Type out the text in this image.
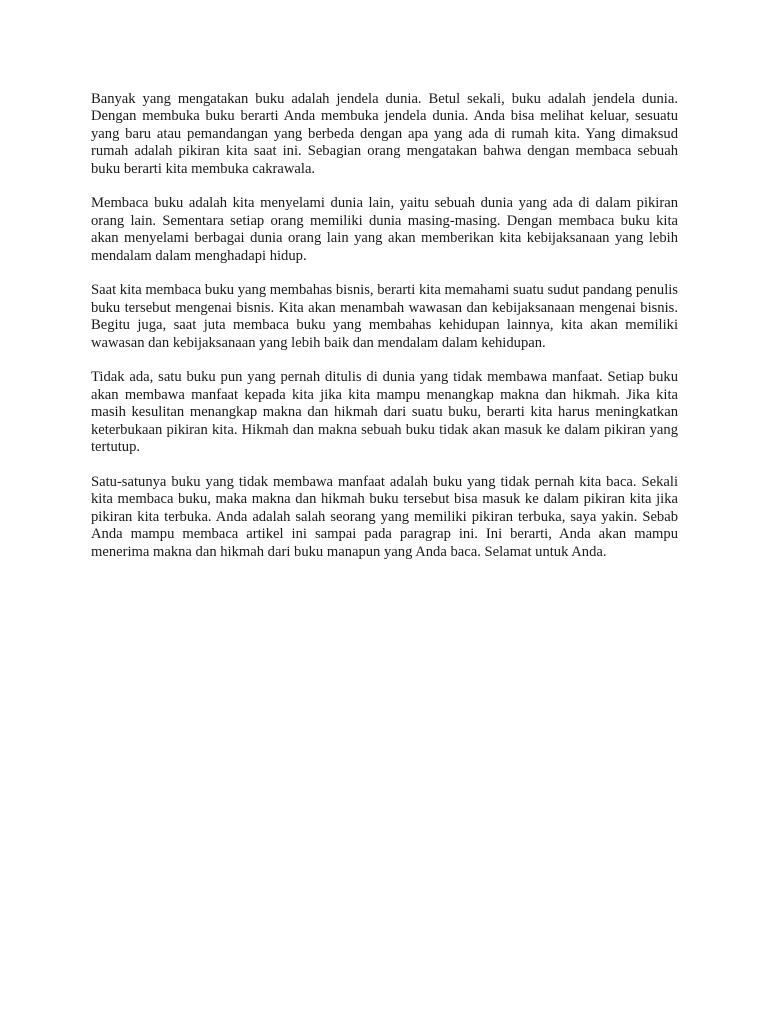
Banyak yang mengatakan buku adalah jendela dunia. Betul sekali, buku adalah jendela dunia. Dengan membuka buku berarti Anda membuka jendela dunia. Anda bisa melihat keluar, sesuatu yang baru atau pemandangan yang berbeda dengan apa yang ada di rumah kita. Yang dimaksud rumah adalah pikiran kita saat ini. Sebagian orang mengatakan bahwa dengan membaca sebuah buku berarti kita membuka cakrawala.

Membaca buku adalah kita menyelami dunia lain, yaitu sebuah dunia yang ada di dalam pikiran orang lain. Sementara setiap orang memiliki dunia masing-masing. Dengan membaca buku kita akan menyelami berbagai dunia orang lain yang akan memberikan kita kebijaksanaan yang lebih mendalam dalam menghadapi hidup.

Saat kita membaca buku yang membahas bisnis, berarti kita memahami suatu sudut pandang penulis buku tersebut mengenai bisnis. Kita akan menambah wawasan dan kebijaksanaan mengenai bisnis. Begitu juga, saat juta membaca buku yang membahas kehidupan lainnya, kita akan memiliki wawasan dan kebijaksanaan yang lebih baik dan mendalam dalam kehidupan.

Tidak ada, satu buku pun yang pernah ditulis di dunia yang tidak membawa manfaat. Setiap buku akan membawa manfaat kepada kita jika kita mampu menangkap makna dan hikmah. Jika kita masih kesulitan menangkap makna dan hikmah dari suatu buku, berarti kita harus meningkatkan keterbukaan pikiran kita. Hikmah dan makna sebuah buku tidak akan masuk ke dalam pikiran yang tertutup.

Satu-satunya buku yang tidak membawa manfaat adalah buku yang tidak pernah kita baca. Sekali kita membaca buku, maka makna dan hikmah buku tersebut bisa masuk ke dalam pikiran kita jika pikiran kita terbuka. Anda adalah salah seorang yang memiliki pikiran terbuka, saya yakin. Sebab Anda mampu membaca artikel ini sampai pada paragrap ini. Ini berarti, Anda akan mampu menerima makna dan hikmah dari buku manapun yang Anda baca. Selamat untuk Anda.
